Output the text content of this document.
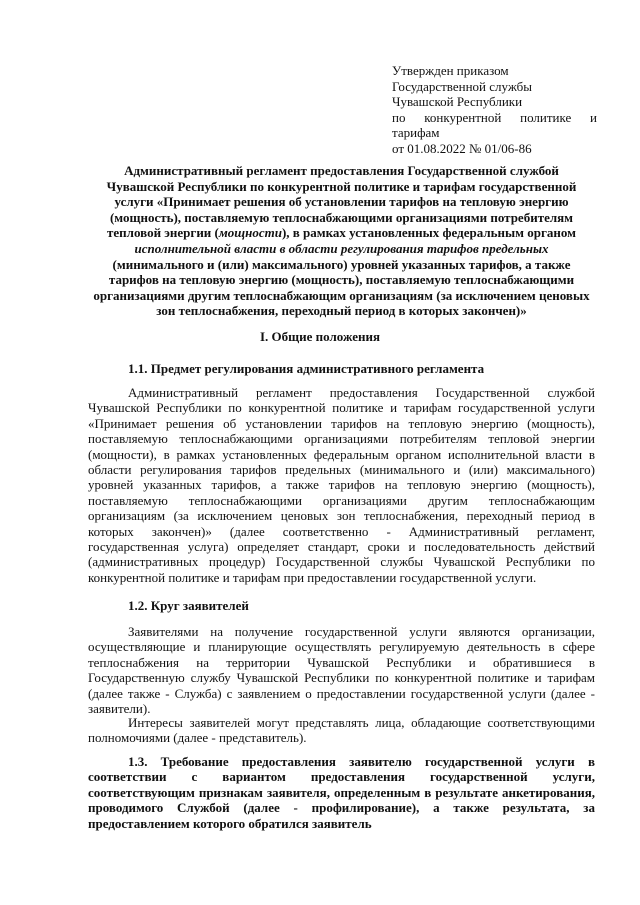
Утвержден приказом
Государственной службы
Чувашской Республики
по конкурентной политике и
тарифам
от 01.08.2022 № 01/06-86
Административный регламент предоставления Государственной службой
Чувашской Республики по конкурентной политике и тарифам государственной
услуги «Принимает решения об установлении тарифов на тепловую энергию
(мощность), поставляемую теплоснабжающими организациями потребителям
тепловой энергии (мощности), в рамках установленных федеральным органом
исполнительной власти в области регулирования тарифов предельных
(минимального и (или) максимального) уровней указанных тарифов, а также
тарифов на тепловую энергию (мощность), поставляемую теплоснабжающими
организациями другим теплоснабжающим организациям (за исключением ценовых
зон теплоснабжения, переходный период в которых закончен)»
I. Общие положения
1.1. Предмет регулирования административного регламента
Административный регламент предоставления Государственной службой
Чувашской Республики по конкурентной политике и тарифам государственной услуги
«Принимает решения об установлении тарифов на тепловую энергию (мощность),
поставляемую теплоснабжающими организациями потребителям тепловой энергии
(мощности), в рамках установленных федеральным органом исполнительной власти в
области регулирования тарифов предельных (минимального и (или) максимального)
уровней указанных тарифов, а также тарифов на тепловую энергию (мощность),
поставляемую теплоснабжающими организациями другим теплоснабжающим
организациям (за исключением ценовых зон теплоснабжения, переходный период в
которых закончен)» (далее соответственно - Административный регламент,
государственная услуга) определяет стандарт, сроки и последовательность действий
(административных процедур) Государственной службы Чувашской Республики по
конкурентной политике и тарифам при предоставлении государственной услуги.
1.2. Круг заявителей
Заявителями на получение государственной услуги являются организации,
осуществляющие и планирующие осуществлять регулируемую деятельность в сфере
теплоснабжения на территории Чувашской Республики и обратившиеся в
Государственную службу Чувашской Республики по конкурентной политике и тарифам
(далее также - Служба) с заявлением о предоставлении государственной услуги (далее -
заявители).
Интересы заявителей могут представлять лица, обладающие соответствующими
полномочиями (далее - представитель).
1.3. Требование предоставления заявителю государственной услуги в
соответствии с вариантом предоставления государственной услуги,
соответствующим признакам заявителя, определенным в результате анкетирования,
проводимого Службой (далее - профилирование), а также результата, за
предоставлением которого обратился заявитель
